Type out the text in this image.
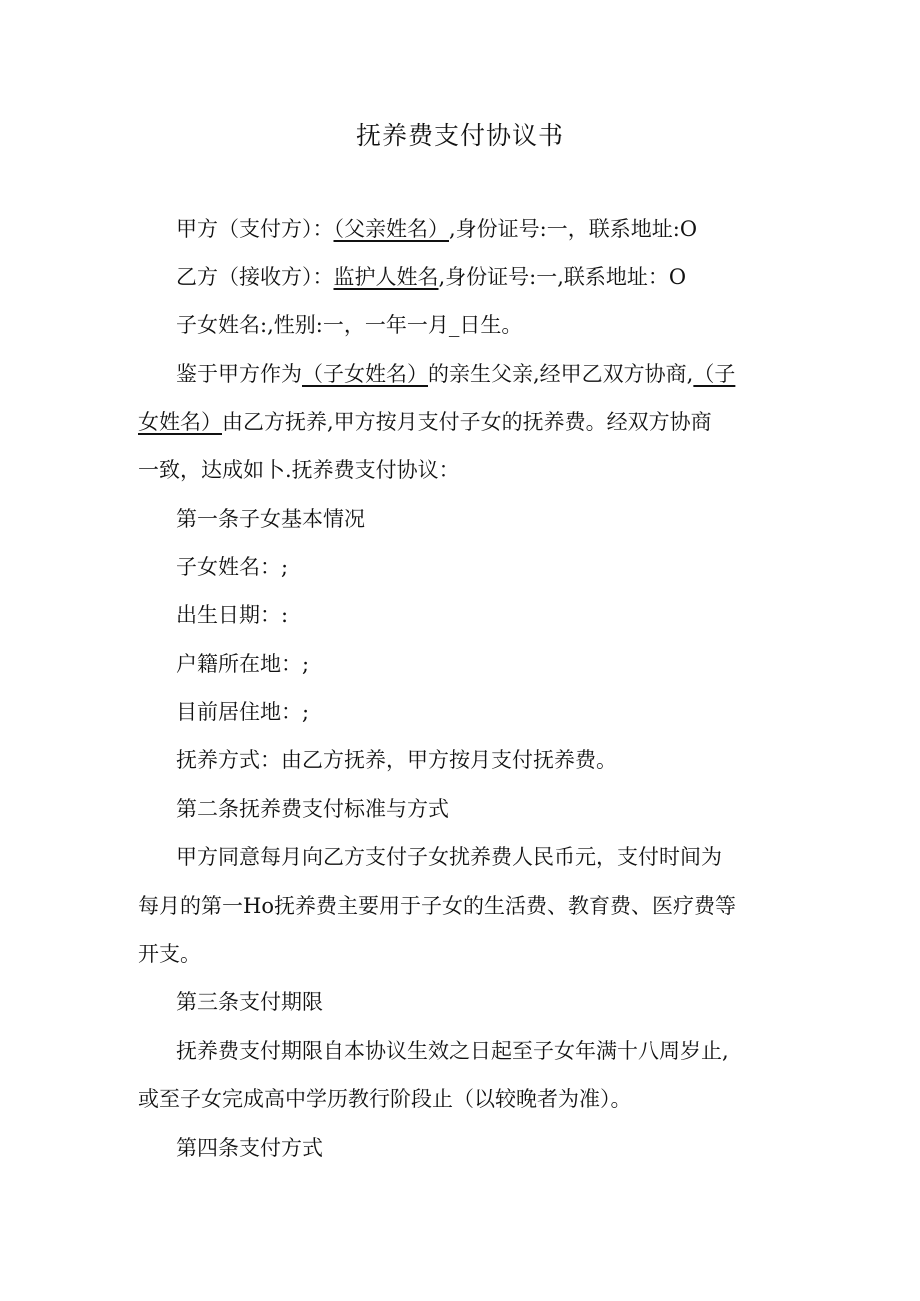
抚养费支付协议书
甲方（支付方）：（父亲姓名）,身份证号:一，联系地址:O
乙方（接收方）：监护人姓名,身份证号:一,联系地址：O
子女姓名:,性别:一，一年一月_日生。
鉴于甲方作为（子女姓名）的亲生父亲,经甲乙双方协商,（子
女姓名）由乙方抚养,甲方按月支付子女的抚养费。经双方协商
一致，达成如卜.抚养费支付协议：
第一条子女基本情况
子女姓名：;
出生日期：:
户籍所在地：;
目前居住地：;
抚养方式：由乙方抚养，甲方按月支付抚养费。
第二条抚养费支付标准与方式
甲方同意每月向乙方支付子女扰养费人民币元，支付时间为
每月的第一Ho抚养费主要用于子女的生活费、教育费、医疗费等
开支。
第三条支付期限
抚养费支付期限自本协议生效之日起至子女年满十八周岁止,
或至子女完成高中学历教行阶段止（以较晚者为准）。
第四条支付方式
